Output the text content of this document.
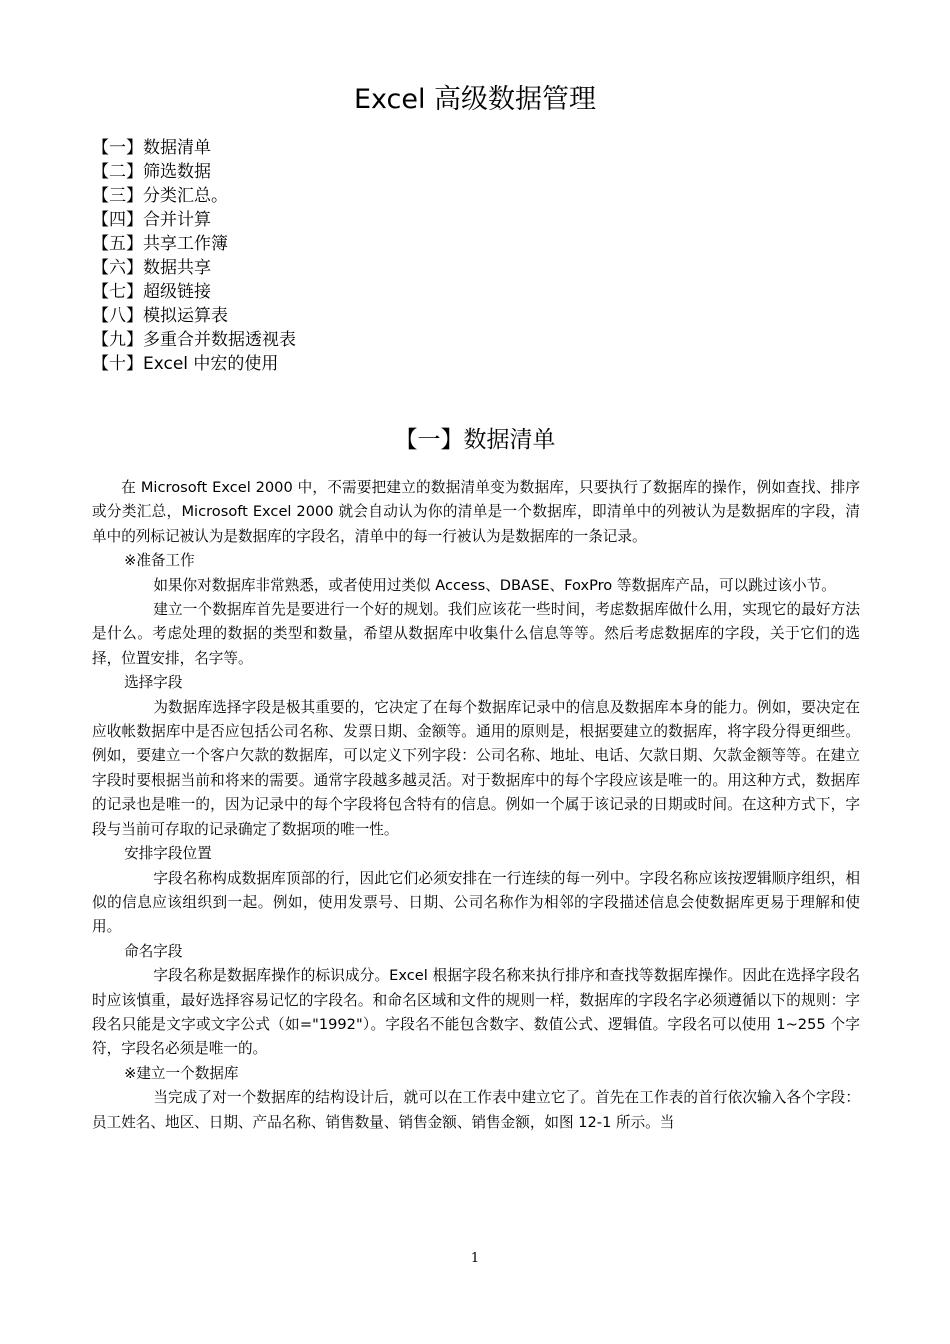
Excel 高级数据管理
【一】数据清单
【二】筛选数据
【三】分类汇总。
【四】合并计算
【五】共享工作簿
【六】数据共享
【七】超级链接
【八】模拟运算表
【九】多重合并数据透视表
【十】Excel 中宏的使用
【一】数据清单

在 Microsoft Excel 2000 中，不需要把建立的数据清单变为数据库，只要执行了数据库的操作，例如查找、排序或分类汇总，Microsoft Excel 2000 就会自动认为你的清单是一个数据库，即清单中的列被认为是数据库的字段，清单中的列标记被认为是数据库的字段名，清单中的每一行被认为是数据库的一条记录。

※准备工作

如果你对数据库非常熟悉，或者使用过类似 Access、DBASE、FoxPro 等数据库产品，可以跳过该小节。

建立一个数据库首先是要进行一个好的规划。我们应该花一些时间，考虑数据库做什么用，实现它的最好方法是什么。考虑处理的数据的类型和数量，希望从数据库中收集什么信息等等。然后考虑数据库的字段，关于它们的选择，位置安排，名字等。

选择字段

为数据库选择字段是极其重要的，它决定了在每个数据库记录中的信息及数据库本身的能力。例如，要决定在应收帐数据库中是否应包括公司名称、发票日期、金额等。通用的原则是，根据要建立的数据库，将字段分得更细些。例如，要建立一个客户欠款的数据库，可以定义下列字段：公司名称、地址、电话、欠款日期、欠款金额等等。在建立字段时要根据当前和将来的需要。通常字段越多越灵活。对于数据库中的每个字段应该是唯一的。用这种方式，数据库的记录也是唯一的，因为记录中的每个字段将包含特有的信息。例如一个属于该记录的日期或时间。在这种方式下，字段与当前可存取的记录确定了数据项的唯一性。

安排字段位置

字段名称构成数据库顶部的行，因此它们必须安排在一行连续的每一列中。字段名称应该按逻辑顺序组织，相似的信息应该组织到一起。例如，使用发票号、日期、公司名称作为相邻的字段描述信息会使数据库更易于理解和使用。

命名字段

字段名称是数据库操作的标识成分。Excel 根据字段名称来执行排序和查找等数据库操作。因此在选择字段名时应该慎重，最好选择容易记忆的字段名。和命名区域和文件的规则一样，数据库的字段名字必须遵循以下的规则：字段名只能是文字或文字公式（如="1992"）。字段名不能包含数字、数值公式、逻辑值。字段名可以使用 1~255 个字符，字段名必须是唯一的。

※建立一个数据库

当完成了对一个数据库的结构设计后，就可以在工作表中建立它了。首先在工作表的首行依次输入各个字段：员工姓名、地区、日期、产品名称、销售数量、销售金额、销售金额，如图 12-1 所示。当

1
